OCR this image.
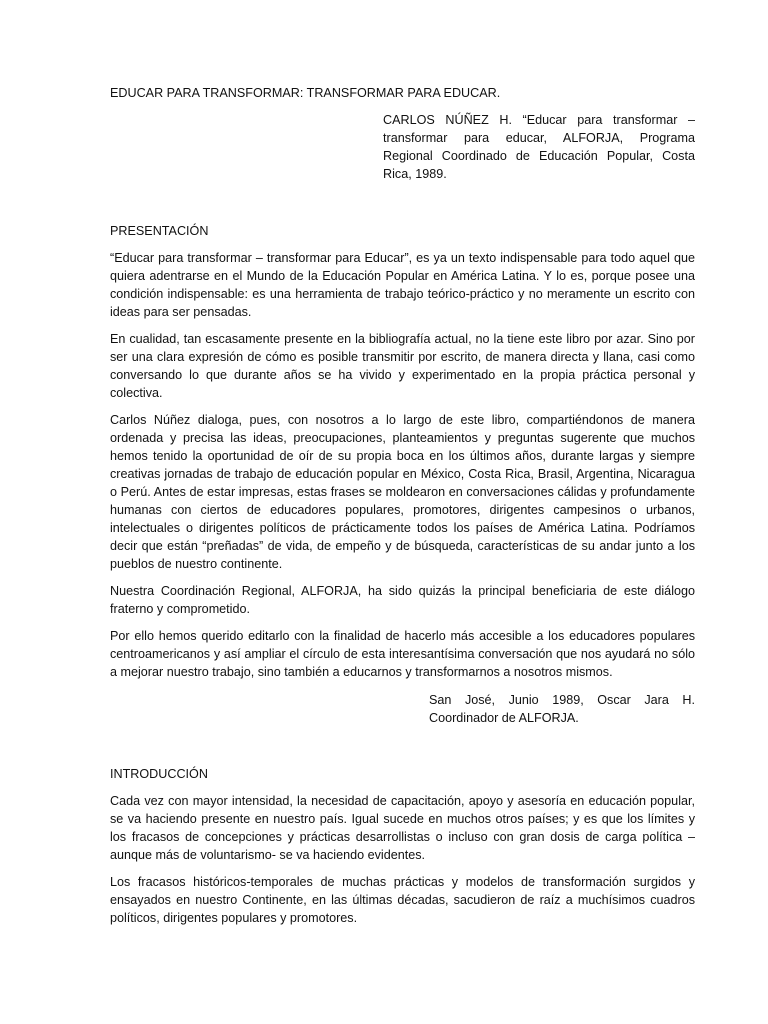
EDUCAR PARA TRANSFORMAR: TRANSFORMAR PARA EDUCAR.
CARLOS NÚÑEZ H. “Educar para transformar – transformar para educar, ALFORJA, Programa Regional Coordinado de Educación Popular, Costa Rica, 1989.
PRESENTACIÓN

“Educar para transformar – transformar para Educar”, es ya un texto indispensable para todo aquel que quiera adentrarse en el Mundo de la Educación Popular en América Latina. Y lo es, porque posee una condición indispensable: es una herramienta de trabajo teórico-práctico y no meramente un escrito con ideas para ser pensadas.

En cualidad, tan escasamente presente en la bibliografía actual, no la tiene este libro por azar. Sino por ser una clara expresión de cómo es posible transmitir por escrito, de manera directa y llana, casi como conversando lo que durante años se ha vivido y experimentado en la propia práctica personal y colectiva.

Carlos Núñez dialoga, pues, con nosotros a lo largo de este libro, compartiéndonos de manera ordenada y precisa las ideas, preocupaciones, planteamientos y preguntas sugerente que muchos hemos tenido la oportunidad de oír de su propia boca en los últimos años, durante largas y siempre creativas jornadas de trabajo de educación popular en México, Costa Rica, Brasil, Argentina, Nicaragua o Perú. Antes de estar impresas, estas frases se moldearon en conversaciones cálidas y profundamente humanas con ciertos de educadores populares, promotores, dirigentes campesinos o urbanos, intelectuales o dirigentes políticos de prácticamente todos los países de América Latina. Podríamos decir que están “preñadas” de vida, de empeño y de búsqueda, características de su andar junto a los pueblos de nuestro continente.

Nuestra Coordinación Regional, ALFORJA, ha sido quizás la principal beneficiaria de este diálogo fraterno y comprometido.

Por ello hemos querido editarlo con la finalidad de hacerlo más accesible a los educadores populares centroamericanos y así ampliar el círculo de esta interesantísima conversación que nos ayudará no sólo a mejorar nuestro trabajo, sino también a educarnos y transformarnos a nosotros mismos.

San José, Junio 1989, Oscar Jara H. Coordinador de ALFORJA.
INTRODUCCIÓN

Cada vez con mayor intensidad, la necesidad de capacitación, apoyo y asesoría en educación popular, se va haciendo presente en nuestro país. Igual sucede en muchos otros países; y es que los límites y los fracasos de concepciones y prácticas desarrollistas o incluso con gran dosis de carga política – aunque más de voluntarismo- se va haciendo evidentes.

Los fracasos históricos-temporales de muchas prácticas y modelos de transformación surgidos y ensayados en nuestro Continente, en las últimas décadas, sacudieron de raíz a muchísimos cuadros políticos, dirigentes populares y promotores.
